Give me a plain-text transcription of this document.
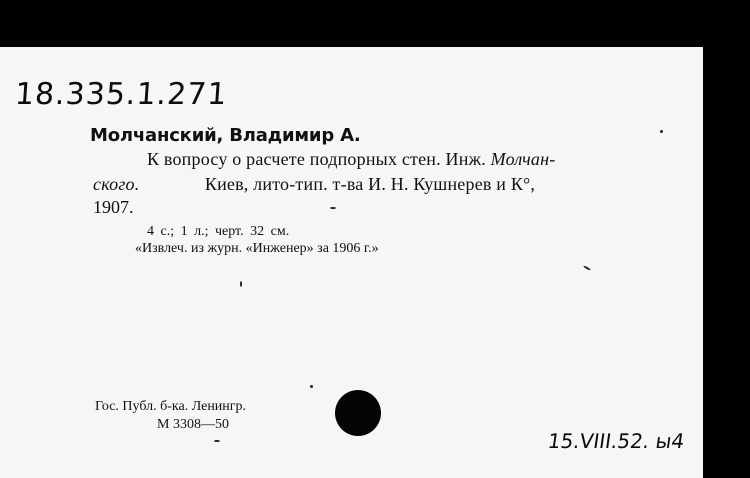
18.335.1.271
Молчанский, Владимир А.
К вопросу о расчете подпорных стен. Инж. Молчан-
ского.	Киев, лито-тип. т-ва И. Н. Кушнерев и К°,
1907.
4 с.; 1 л.; черт. 32 см.
«Извлеч. из журн. «Инженер» за 1906 г.»
Гос. Публ. б-ка. Ленингр.
М 3308—50
15.VIII.52. ы4
